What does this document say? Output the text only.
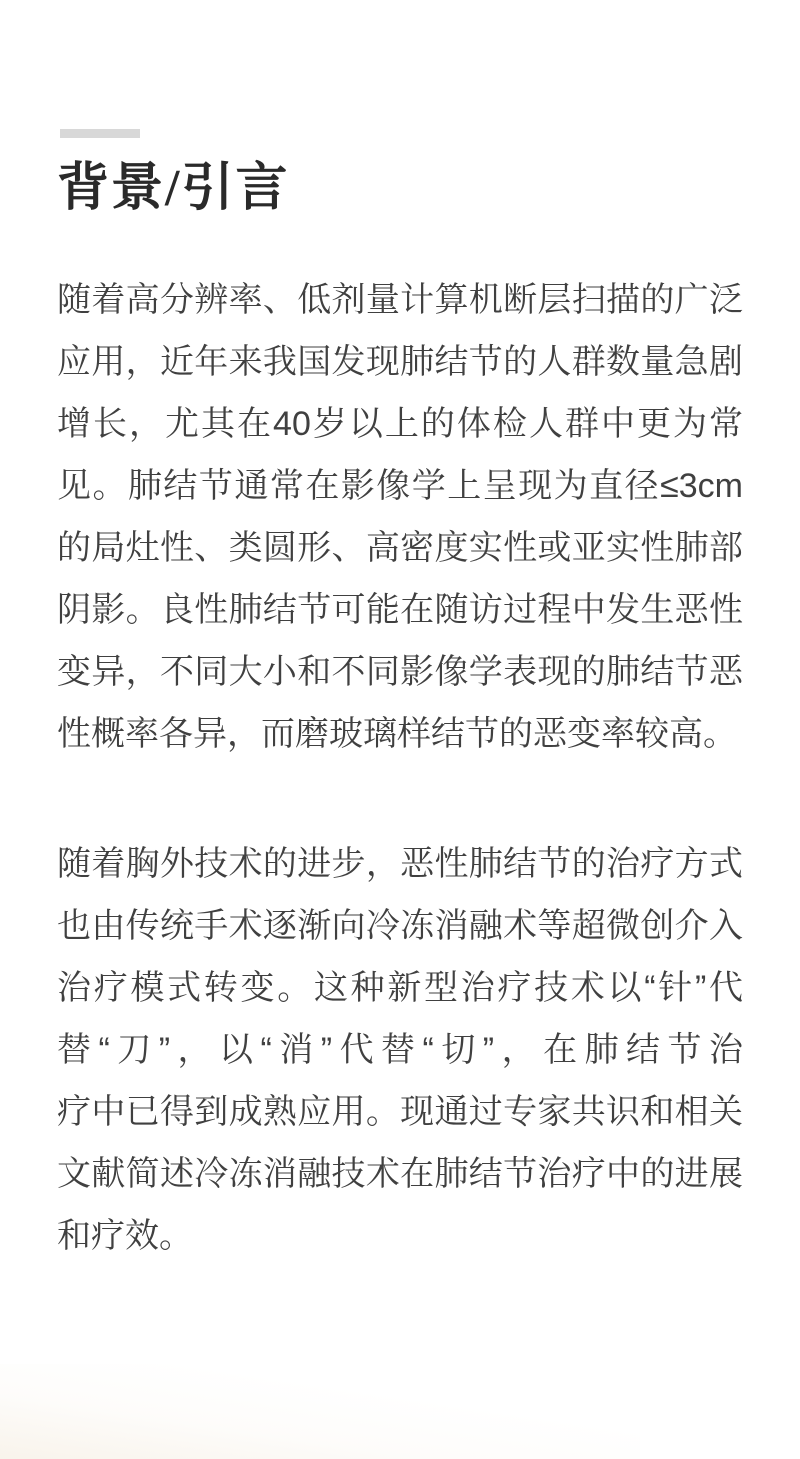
背景/引言
随着高分辨率、低剂量计算机断层扫描的广泛
应用，近年来我国发现肺结节的人群数量急剧
增长，尤其在40岁以上的体检人群中更为常
见。肺结节通常在影像学上呈现为直径≤3cm
的局灶性、类圆形、高密度实性或亚实性肺部
阴影。良性肺结节可能在随访过程中发生恶性
变异，不同大小和不同影像学表现的肺结节恶
性概率各异，而磨玻璃样结节的恶变率较高。
随着胸外技术的进步，恶性肺结节的治疗方式
也由传统手术逐渐向冷冻消融术等超微创介入
治疗模式转变。这种新型治疗技术以“针”代
替“刀”，以“消”代替“切”，在肺结节治
疗中已得到成熟应用。现通过专家共识和相关
文献简述冷冻消融技术在肺结节治疗中的进展
和疗效。
